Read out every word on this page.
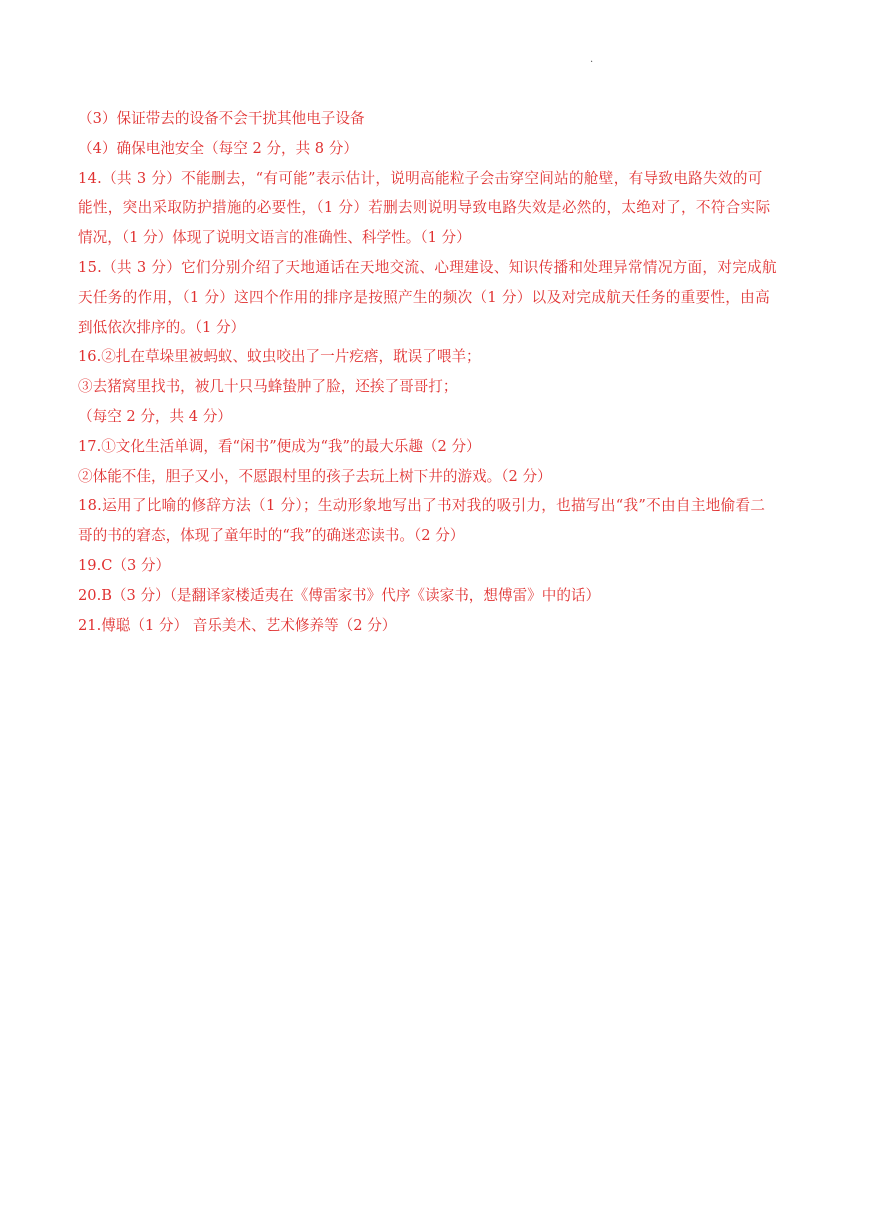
.
（3）保证带去的设备不会干扰其他电子设备
（4）确保电池安全（每空 2 分，共 8 分）
14.（共 3 分）不能删去，“有可能”表示估计，说明高能粒子会击穿空间站的舱壁，有导致电路失效的可
能性，突出采取防护措施的必要性，（1 分）若删去则说明导致电路失效是必然的，太绝对了，不符合实际
情况，（1 分）体现了说明文语言的准确性、科学性。（1 分）
15.（共 3 分）它们分别介绍了天地通话在天地交流、心理建设、知识传播和处理异常情况方面，对完成航
天任务的作用，（1 分）这四个作用的排序是按照产生的频次（1 分）以及对完成航天任务的重要性，由高
到低依次排序的。（1 分）
16.②扎在草垛里被蚂蚁、蚊虫咬出了一片疙瘩，耽误了喂羊；
③去猪窝里找书，被几十只马蜂蛰肿了脸，还挨了哥哥打；
（每空 2 分，共 4 分）
17.①文化生活单调，看“闲书”便成为“我”的最大乐趣（2 分）
②体能不佳，胆子又小，不愿跟村里的孩子去玩上树下井的游戏。（2 分）
18.运用了比喻的修辞方法（1 分）；生动形象地写出了书对我的吸引力，也描写出“我”不由自主地偷看二
哥的书的窘态，体现了童年时的“我”的确迷恋读书。（2 分）
19.C（3 分）
20.B（3 分）（是翻译家楼适夷在《傅雷家书》代序《读家书，想傅雷》中的话）
21.傅聪（1 分） 音乐美术、艺术修养等（2 分）
